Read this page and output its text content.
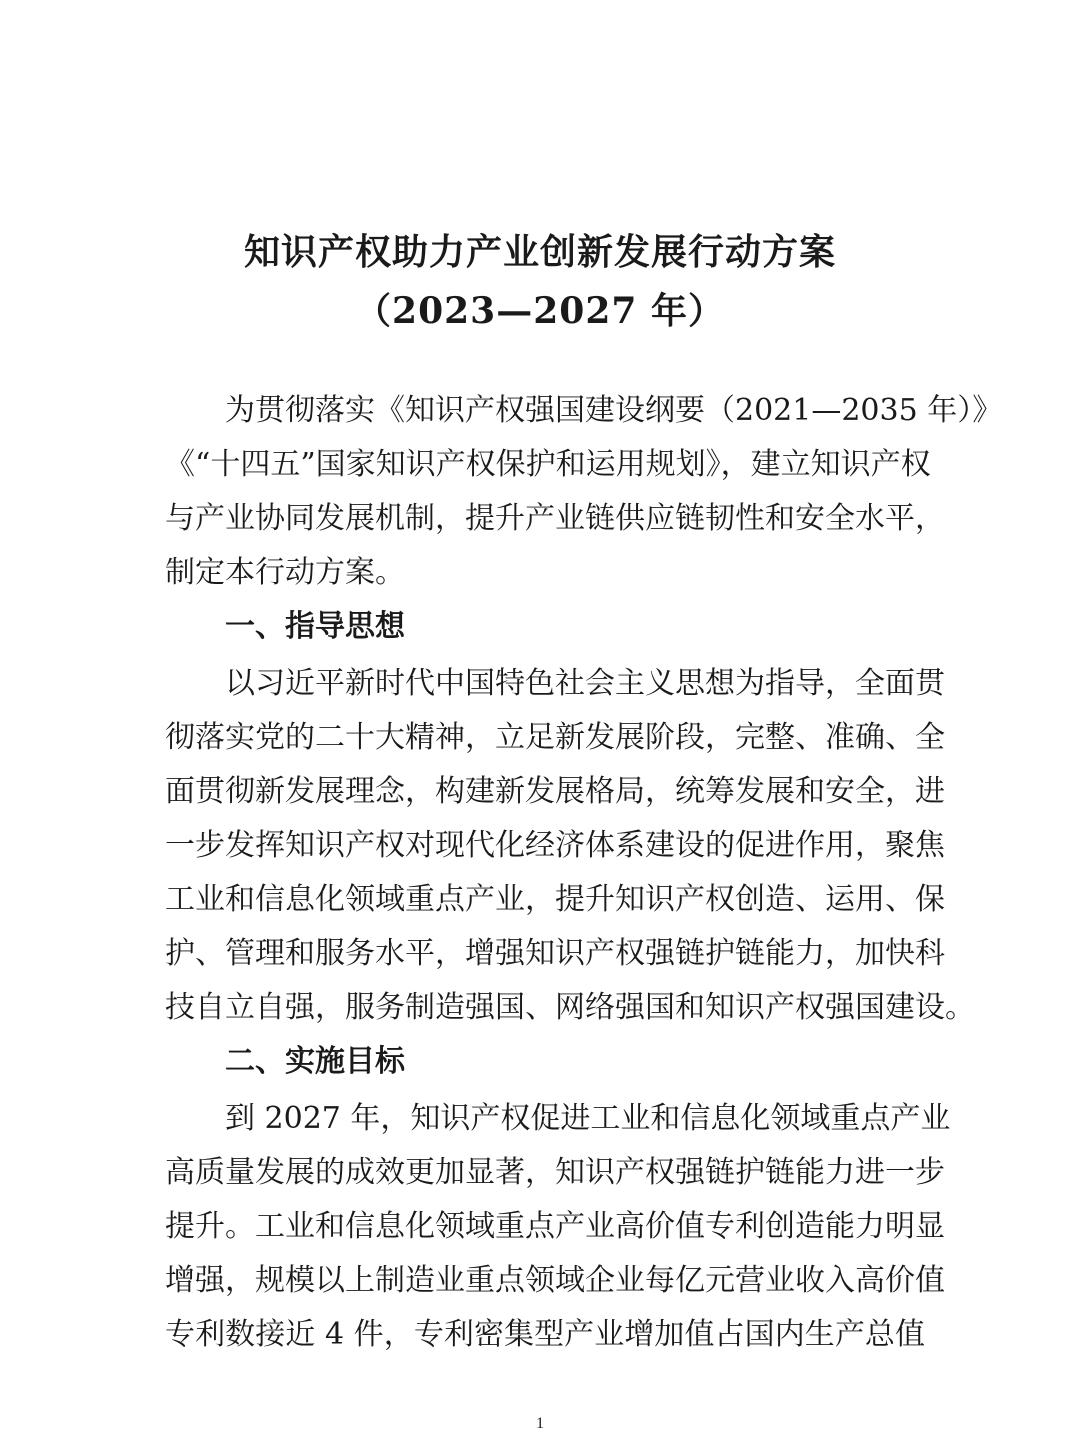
知识产权助力产业创新发展行动方案
（2023—2027 年）
为贯彻落实《知识产权强国建设纲要（2021—2035 年）》
《“十四五”国家知识产权保护和运用规划》，建立知识产权
与产业协同发展机制，提升产业链供应链韧性和安全水平，
制定本行动方案。
一、指导思想
以习近平新时代中国特色社会主义思想为指导，全面贯
彻落实党的二十大精神，立足新发展阶段，完整、准确、全
面贯彻新发展理念，构建新发展格局，统筹发展和安全，进
一步发挥知识产权对现代化经济体系建设的促进作用，聚焦
工业和信息化领域重点产业，提升知识产权创造、运用、保
护、管理和服务水平，增强知识产权强链护链能力，加快科
技自立自强，服务制造强国、网络强国和知识产权强国建设。
二、实施目标
到 2027 年，知识产权促进工业和信息化领域重点产业
高质量发展的成效更加显著，知识产权强链护链能力进一步
提升。工业和信息化领域重点产业高价值专利创造能力明显
增强，规模以上制造业重点领域企业每亿元营业收入高价值
专利数接近 4 件，专利密集型产业增加值占国内生产总值
1
